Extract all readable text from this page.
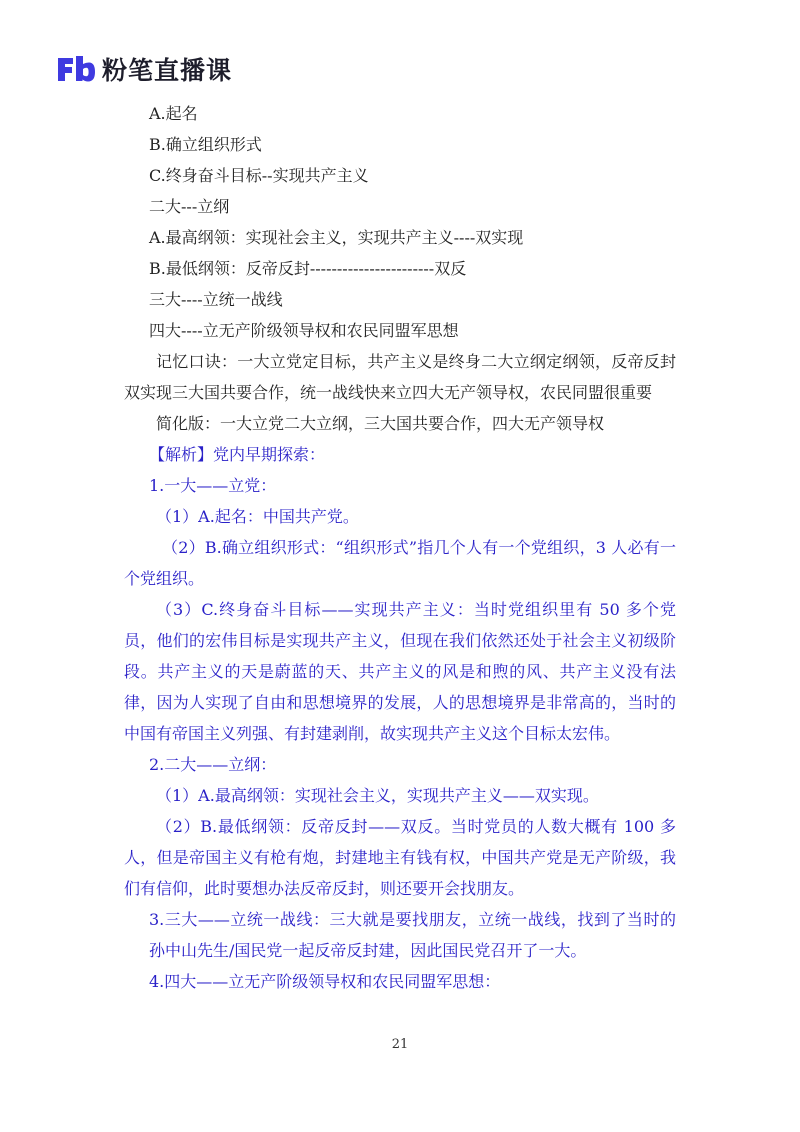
粉笔直播课
A.起名
B.确立组织形式
C.终身奋斗目标--实现共产主义
二大---立纲
A.最高纲领：实现社会主义，实现共产主义----双实现
B.最低纲领：反帝反封-----------------------双反
三大----立统一战线
四大----立无产阶级领导权和农民同盟军思想
记忆口诀：一大立党定目标，共产主义是终身二大立纲定纲领，反帝反封双实现三大国共要合作，统一战线快来立四大无产领导权，农民同盟很重要
简化版：一大立党二大立纲，三大国共要合作，四大无产领导权
【解析】党内早期探索：
1.一大——立党：
（1）A.起名：中国共产党。
（2）B.确立组织形式：“组织形式”指几个人有一个党组织，3 人必有一个党组织。
（3）C.终身奋斗目标——实现共产主义：当时党组织里有 50 多个党员，他们的宏伟目标是实现共产主义，但现在我们依然还处于社会主义初级阶段。共产主义的天是蔚蓝的天、共产主义的风是和煦的风、共产主义没有法律，因为人实现了自由和思想境界的发展，人的思想境界是非常高的，当时的中国有帝国主义列强、有封建剥削，故实现共产主义这个目标太宏伟。
2.二大——立纲：
（1）A.最高纲领：实现社会主义，实现共产主义——双实现。
（2）B.最低纲领：反帝反封——双反。当时党员的人数大概有 100 多人，但是帝国主义有枪有炮，封建地主有钱有权，中国共产党是无产阶级，我们有信仰，此时要想办法反帝反封，则还要开会找朋友。
3.三大——立统一战线：三大就是要找朋友，立统一战线，找到了当时的孙中山先生/国民党一起反帝反封建，因此国民党召开了一大。
4.四大——立无产阶级领导权和农民同盟军思想：
21
